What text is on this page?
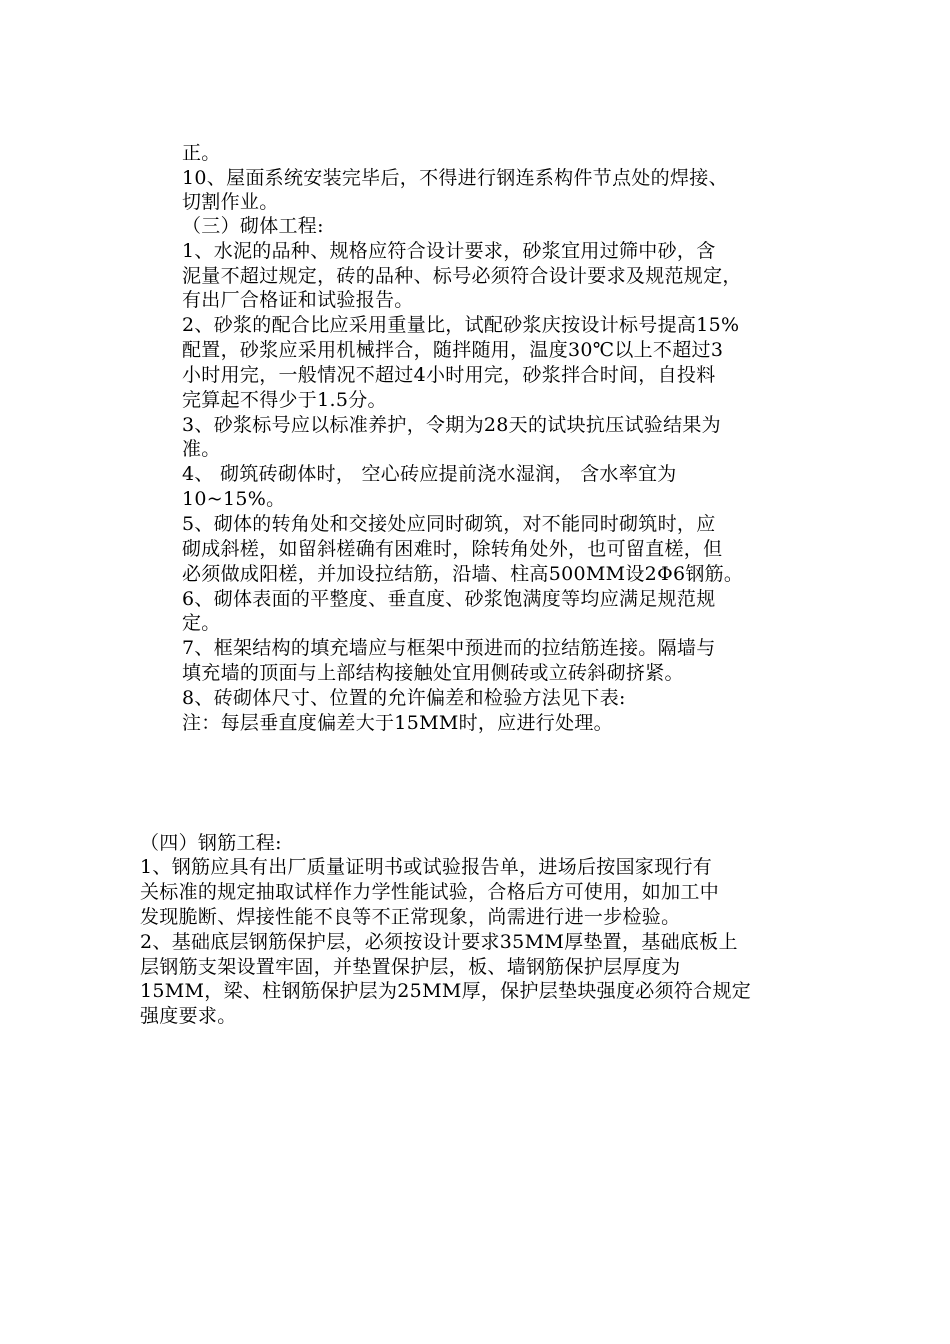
正。
10、屋面系统安装完毕后，不得进行钢连系构件节点处的焊接、
切割作业。
（三）砌体工程:
1、水泥的品种、规格应符合设计要求，砂浆宜用过筛中砂，含
泥量不超过规定，砖的品种、标号必须符合设计要求及规范规定，
有出厂合格证和试验报告。
2、砂浆的配合比应采用重量比，试配砂浆庆按设计标号提高15%
配置，砂浆应采用机械拌合，随拌随用，温度30℃以上不超过3
小时用完，一般情况不超过4小时用完，砂浆拌合时间，自投料
完算起不得少于1.5分。
3、砂浆标号应以标准养护，令期为28天的试块抗压试验结果为
准。
4、 砌筑砖砌体时， 空心砖应提前浇水湿润， 含水率宜为
10~15%。
5、砌体的转角处和交接处应同时砌筑，对不能同时砌筑时，应
砌成斜槎，如留斜槎确有困难时，除转角处外，也可留直槎，但
必须做成阳槎，并加设拉结筋，沿墙、柱高500MM设2Φ6钢筋。
6、砌体表面的平整度、垂直度、砂浆饱满度等均应满足规范规
定。
7、框架结构的填充墙应与框架中预进而的拉结筋连接。隔墙与
填充墙的顶面与上部结构接触处宜用侧砖或立砖斜砌挤紧。
8、砖砌体尺寸、位置的允许偏差和检验方法见下表:
注：每层垂直度偏差大于15MM时，应进行处理。
（四）钢筋工程:
1、钢筋应具有出厂质量证明书或试验报告单，进场后按国家现行有
关标准的规定抽取试样作力学性能试验，合格后方可使用，如加工中
发现脆断、焊接性能不良等不正常现象，尚需进行进一步检验。
2、基础底层钢筋保护层，必须按设计要求35MM厚垫置，基础底板上
层钢筋支架设置牢固，并垫置保护层，板、墙钢筋保护层厚度为
15MM，梁、柱钢筋保护层为25MM厚，保护层垫块强度必须符合规定
强度要求。
